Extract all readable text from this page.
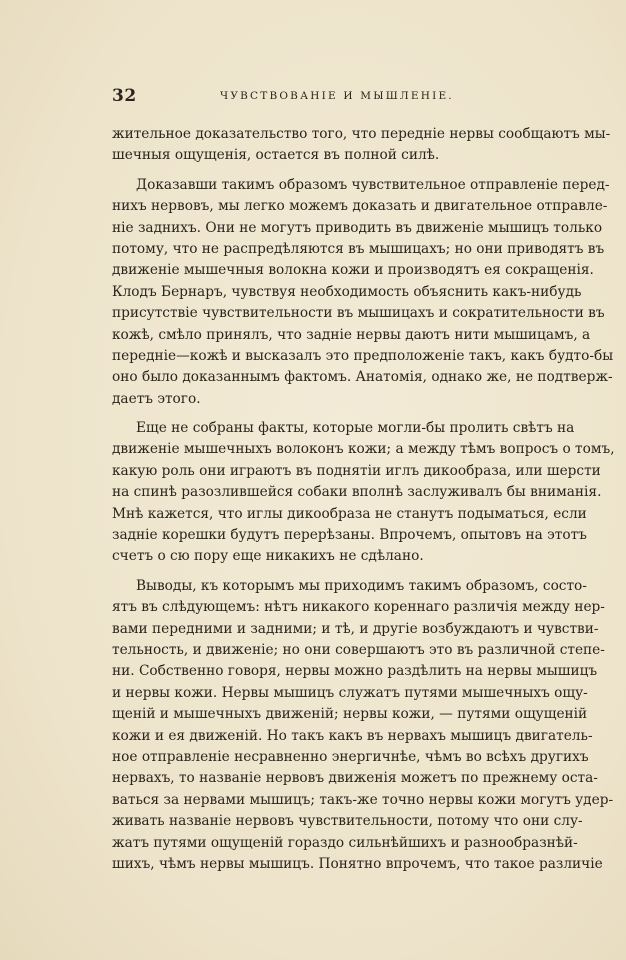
32	ЧУВСТВОВАНІЕ И МЫШЛЕНІЕ.
жительное доказательство того, что передніе нервы сообщаютъ мы-
шечныя ощущенія, остается въ полной силѣ.
Доказавши такимъ образомъ чувствительное отправленіе перед-
нихъ нервовъ, мы легко можемъ доказать и двигательное отправле-
ніе заднихъ. Они не могутъ приводить въ движеніе мышицъ только
потому, что не распредѣляются въ мышицахъ; но они приводятъ въ
движеніе мышечныя волокна кожи и производятъ ея сокращенія.
Клодъ Бернаръ, чувствуя необходимость объяснить какъ-нибудь
присутствіе чувствительности въ мышицахъ и сократительности въ
кожѣ, смѣло принялъ, что задніе нервы даютъ нити мышицамъ, а
передніе—кожѣ и высказалъ это предположеніе такъ, какъ будто-бы
оно было доказаннымъ фактомъ. Анатомія, однако же, не подтверж-
даетъ этого.
Еще не собраны факты, которые могли-бы пролить свѣтъ на
движеніе мышечныхъ волоконъ кожи; а между тѣмъ вопросъ о томъ,
какую роль они играютъ въ поднятіи иглъ дикообраза, или шерсти
на спинѣ разозлившейся собаки вполнѣ заслуживалъ бы вниманія.
Мнѣ кажется, что иглы дикообраза не станутъ подыматься, если
задніе корешки будутъ перерѣзаны. Впрочемъ, опытовъ на этотъ
счетъ о сю пору еще никакихъ не сдѣлано.
Выводы, къ которымъ мы приходимъ такимъ образомъ, состо-
ятъ въ слѣдующемъ: нѣтъ никакого кореннаго различія между нер-
вами передними и задними; и тѣ, и другіе возбуждаютъ и чувстви-
тельность, и движеніе; но они совершаютъ это въ различной степе-
ни. Собственно говоря, нервы можно раздѣлить на нервы мышицъ
и нервы кожи. Нервы мышицъ служатъ путями мышечныхъ ощу-
щеній и мышечныхъ движеній; нервы кожи, — путями ощущеній
кожи и ея движеній. Но такъ какъ въ нервахъ мышицъ двигатель-
ное отправленіе несравненно энергичнѣе, чѣмъ во всѣхъ другихъ
нервахъ, то названіе нервовъ движенія можетъ по прежнему оста-
ваться за нервами мышицъ; такъ-же точно нервы кожи могутъ удер-
живать названіе нервовъ чувствительности, потому что они слу-
жатъ путями ощущеній гораздо сильнѣйшихъ и разнообразнѣй-
шихъ, чѣмъ нервы мышицъ. Понятно впрочемъ, что такое различіе
